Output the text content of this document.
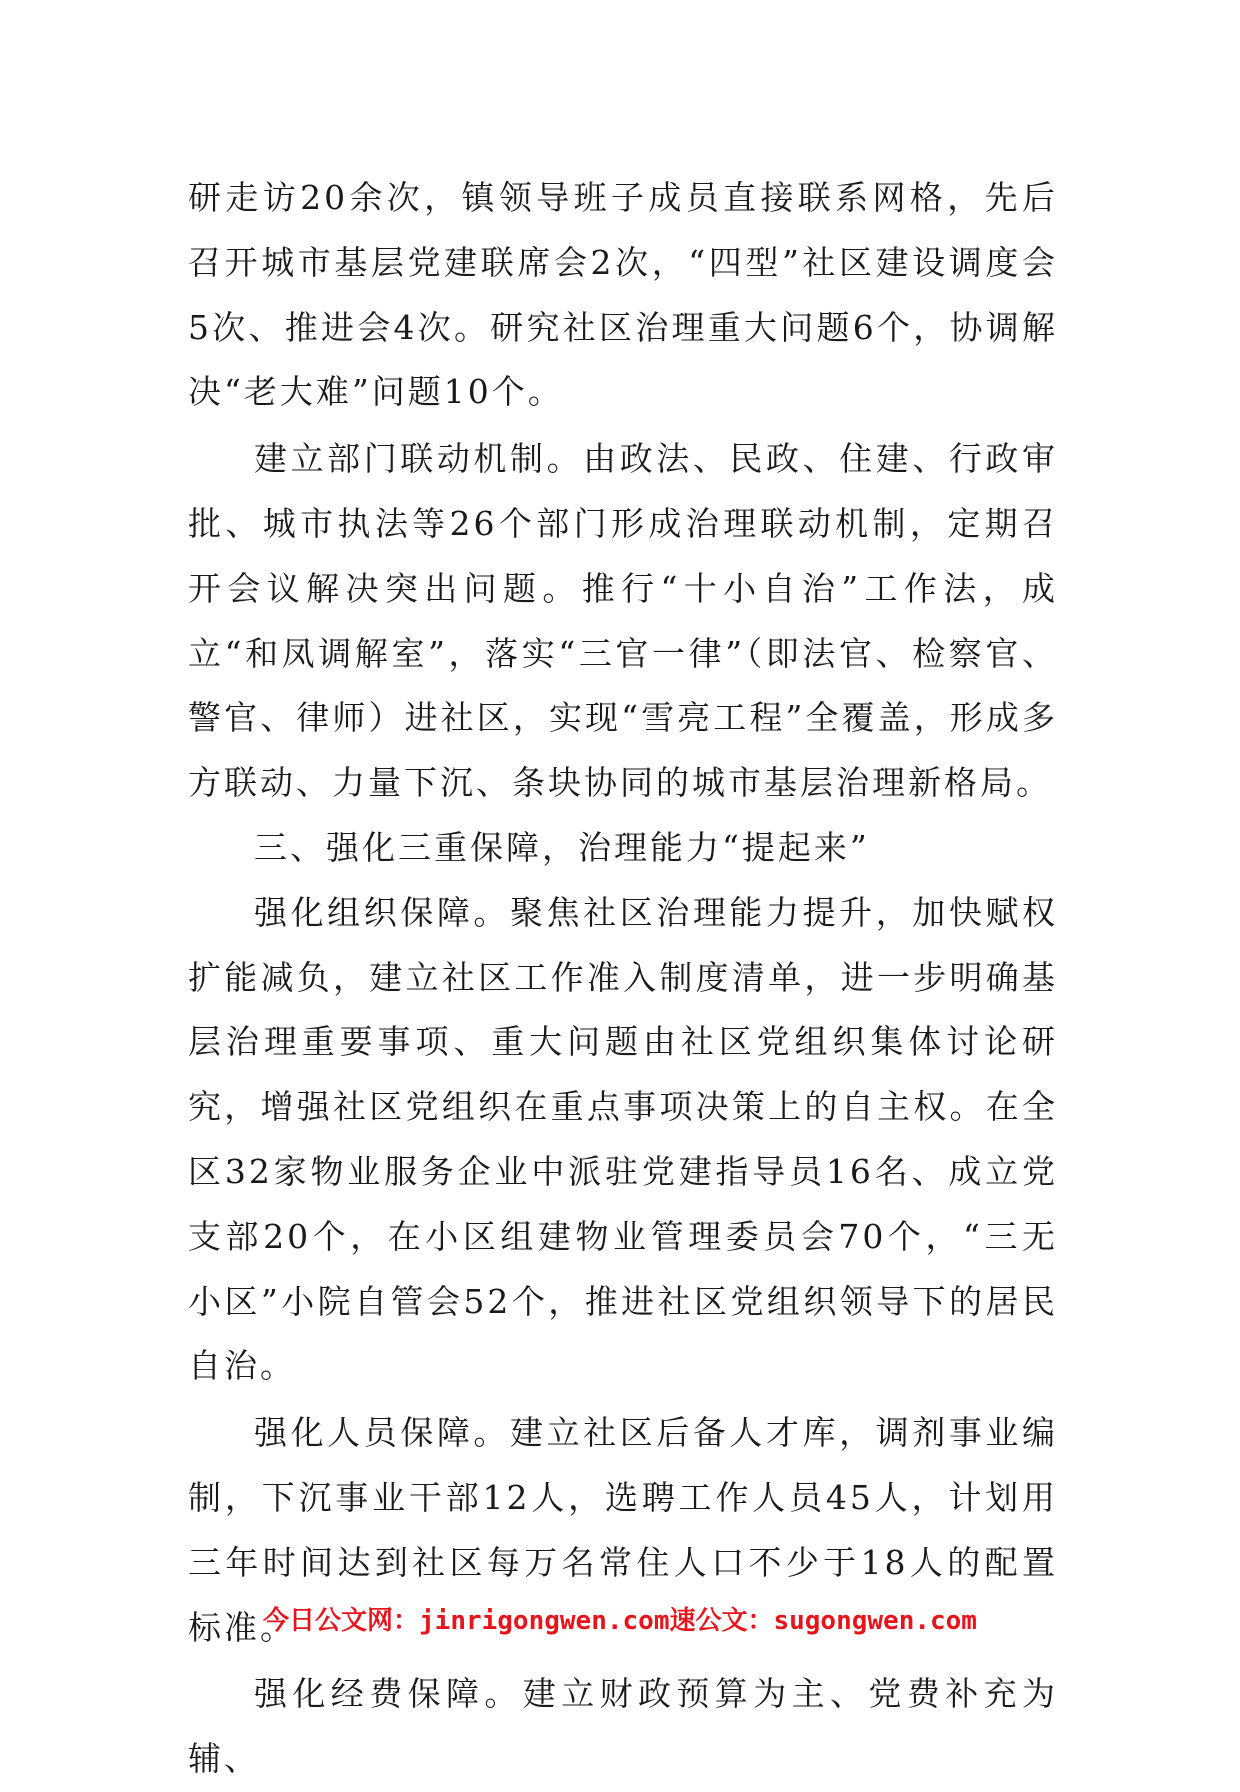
研走访20余次，镇领导班子成员直接联系网格，先后召开城市基层党建联席会2次，“四型”社区建设调度会5次、推进会4次。研究社区治理重大问题6个，协调解决“老大难”问题10个。

建立部门联动机制。由政法、民政、住建、行政审批、城市执法等26个部门形成治理联动机制，定期召开会议解决突出问题。推行“十小自治”工作法，成立“和凤调解室”，落实“三官一律”（即法官、检察官、警官、律师）进社区，实现“雪亮工程”全覆盖，形成多方联动、力量下沉、条块协同的城市基层治理新格局。

三、强化三重保障，治理能力“提起来”

强化组织保障。聚焦社区治理能力提升，加快赋权扩能减负，建立社区工作准入制度清单，进一步明确基层治理重要事项、重大问题由社区党组织集体讨论研究，增强社区党组织在重点事项决策上的自主权。在全区32家物业服务企业中派驻党建指导员16名、成立党支部20个，在小区组建物业管理委员会70个，“三无小区”小院自管会52个，推进社区党组织领导下的居民自治。

强化人员保障。建立社区后备人才库，调剂事业编制，下沉事业干部12人，选聘工作人员45人，计划用三年时间达到社区每万名常住人口不少于18人的配置标准。

强化经费保障。建立财政预算为主、党费补充为辅、

今日公文网：jinrigongwen.com速公文：sugongwen.com
